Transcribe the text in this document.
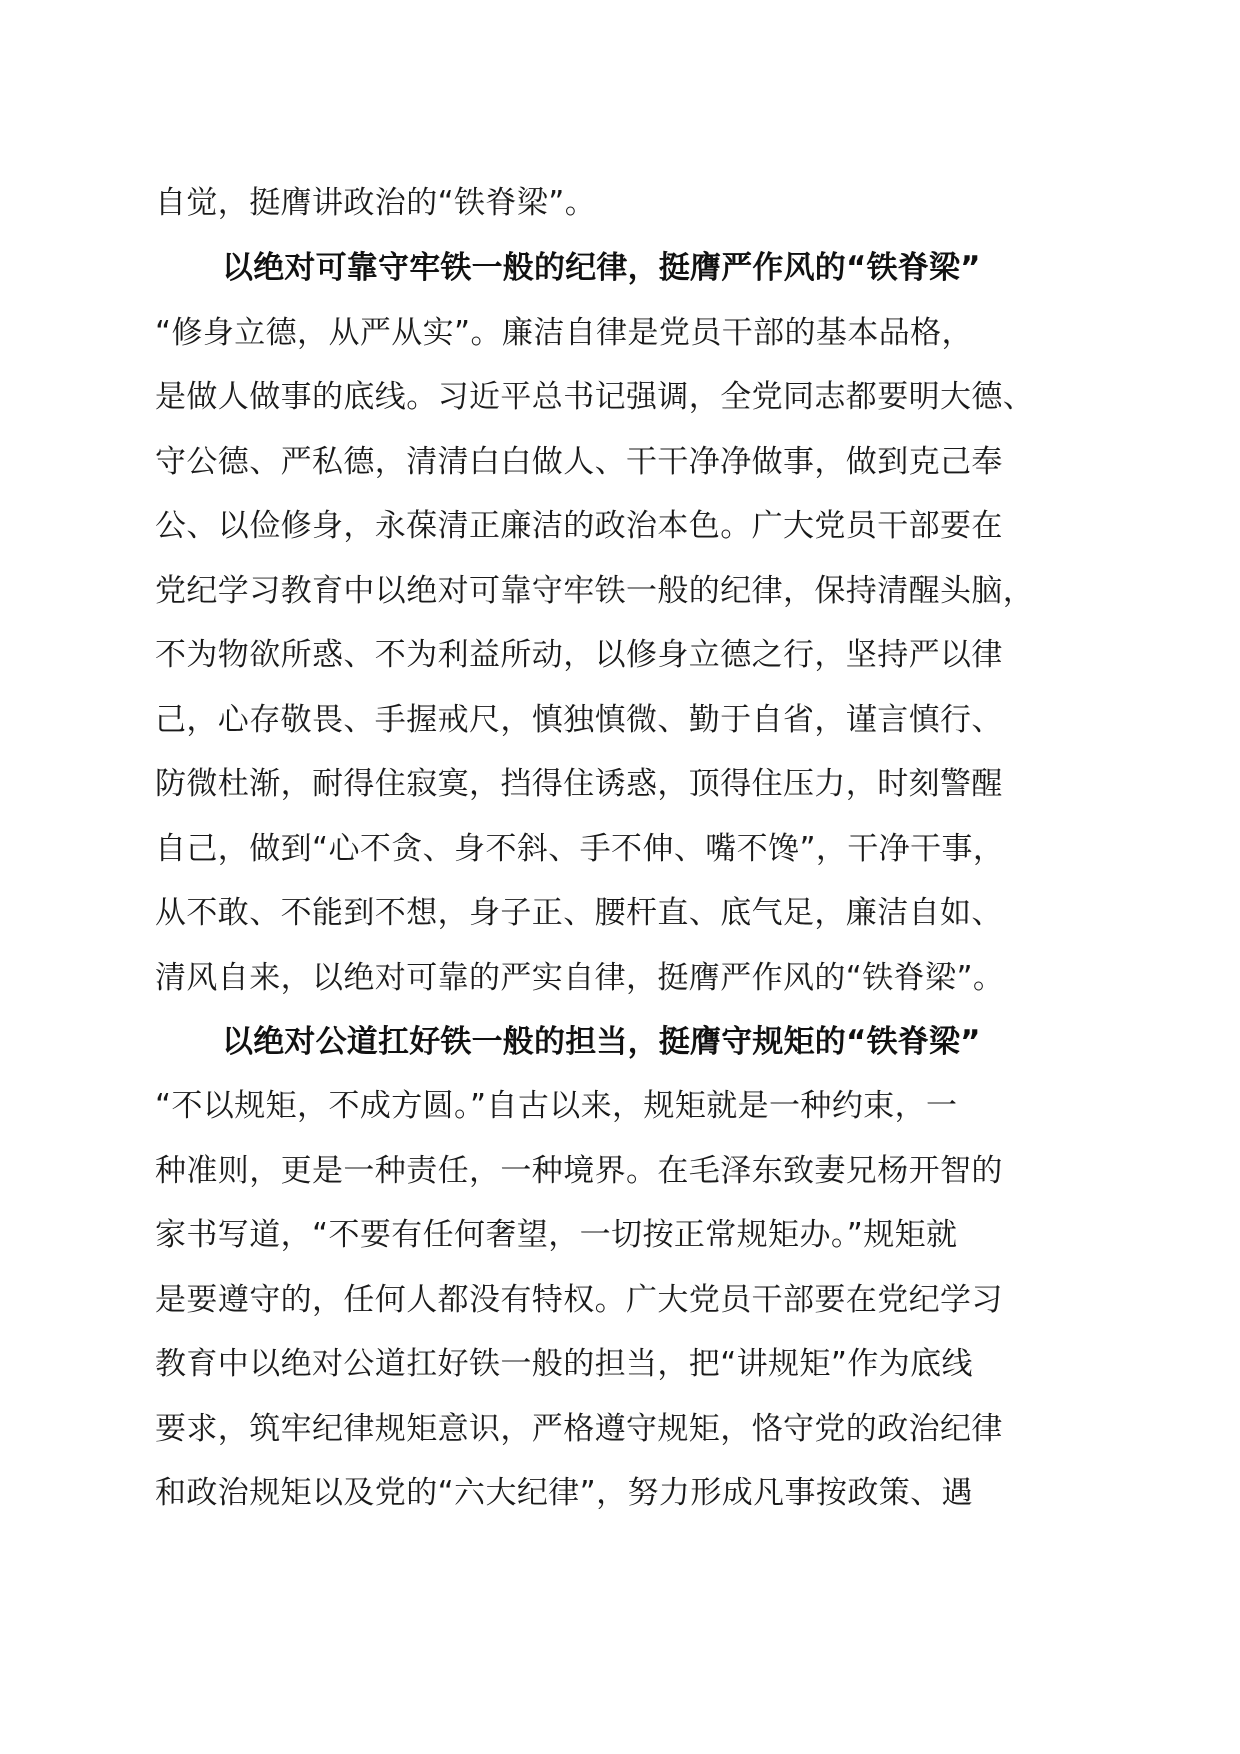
自觉，挺膺讲政治的“铁脊梁”。
以绝对可靠守牢铁一般的纪律，挺膺严作风的“铁脊梁”
“修身立德，从严从实”。廉洁自律是党员干部的基本品格，
是做人做事的底线。习近平总书记强调，全党同志都要明大德、
守公德、严私德，清清白白做人、干干净净做事，做到克己奉
公、以俭修身，永葆清正廉洁的政治本色。广大党员干部要在
党纪学习教育中以绝对可靠守牢铁一般的纪律，保持清醒头脑，
不为物欲所惑、不为利益所动，以修身立德之行，坚持严以律
己，心存敬畏、手握戒尺，慎独慎微、勤于自省，谨言慎行、
防微杜渐，耐得住寂寞，挡得住诱惑，顶得住压力，时刻警醒
自己，做到“心不贪、身不斜、手不伸、嘴不馋”，干净干事，
从不敢、不能到不想，身子正、腰杆直、底气足，廉洁自如、
清风自来，以绝对可靠的严实自律，挺膺严作风的“铁脊梁”。
以绝对公道扛好铁一般的担当，挺膺守规矩的“铁脊梁”
“不以规矩，不成方圆。”自古以来，规矩就是一种约束，一
种准则，更是一种责任，一种境界。在毛泽东致妻兄杨开智的
家书写道，“不要有任何奢望，一切按正常规矩办。”规矩就
是要遵守的，任何人都没有特权。广大党员干部要在党纪学习
教育中以绝对公道扛好铁一般的担当，把“讲规矩”作为底线
要求，筑牢纪律规矩意识，严格遵守规矩，恪守党的政治纪律
和政治规矩以及党的“六大纪律”，努力形成凡事按政策、遇
